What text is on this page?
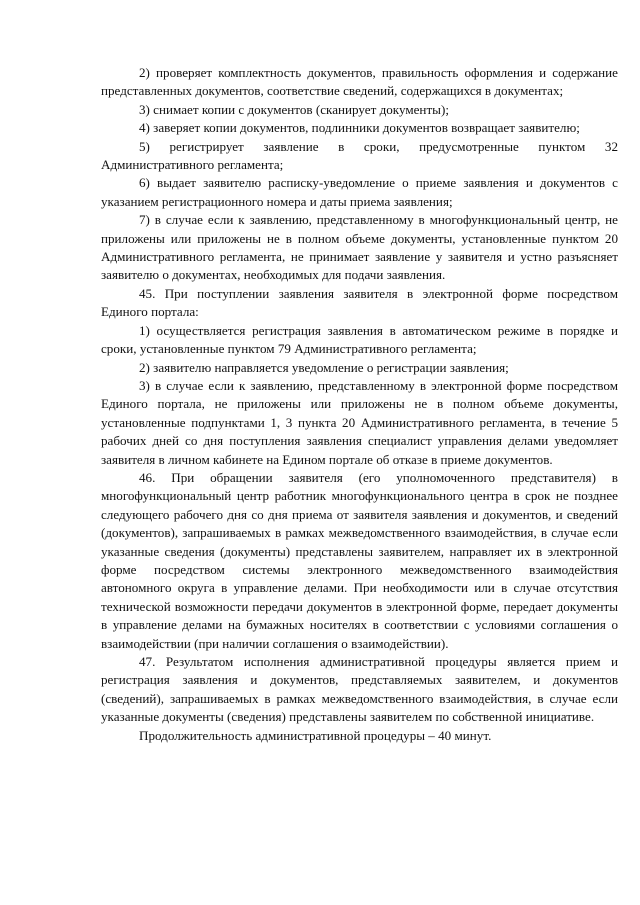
2) проверяет комплектность документов, правильность оформления и содержание представленных документов, соответствие сведений, содержащихся в документах;

3) снимает копии с документов (сканирует документы);

4) заверяет копии документов, подлинники документов возвращает заявителю;

5) регистрирует заявление в сроки, предусмотренные пунктом 32 Административного регламента;

6) выдает заявителю расписку-уведомление о приеме заявления и документов с указанием регистрационного номера и даты приема заявления;

7) в случае если к заявлению, представленному в многофункциональный центр, не приложены или приложены не в полном объеме документы, установленные пунктом 20 Административного регламента, не принимает заявление у заявителя и устно разъясняет заявителю о документах, необходимых для подачи заявления.

45. При поступлении заявления заявителя в электронной форме посредством Единого портала:

1) осуществляется регистрация заявления в автоматическом режиме в порядке и сроки, установленные пунктом 79 Административного регламента;

2) заявителю направляется уведомление о регистрации заявления;

3) в случае если к заявлению, представленному в электронной форме посредством Единого портала, не приложены или приложены не в полном объеме документы, установленные подпунктами 1, 3 пункта 20 Административного регламента, в течение 5 рабочих дней со дня поступления заявления специалист управления делами уведомляет заявителя в личном кабинете на Едином портале об отказе в приеме документов.

46. При обращении заявителя (его уполномоченного представителя) в многофункциональный центр работник многофункционального центра в срок не позднее следующего рабочего дня со дня приема от заявителя заявления и документов, и сведений (документов), запрашиваемых в рамках межведомственного взаимодействия, в случае если указанные сведения (документы) представлены заявителем, направляет их в электронной форме посредством системы электронного межведомственного взаимодействия автономного округа в управление делами. При необходимости или в случае отсутствия технической возможности передачи документов в электронной форме, передает документы в управление делами на бумажных носителях в соответствии с условиями соглашения о взаимодействии (при наличии соглашения о взаимодействии).

47. Результатом исполнения административной процедуры является прием и регистрация заявления и документов, представляемых заявителем, и документов (сведений), запрашиваемых в рамках межведомственного взаимодействия, в случае если указанные документы (сведения) представлены заявителем по собственной инициативе.

Продолжительность административной процедуры – 40 минут.
